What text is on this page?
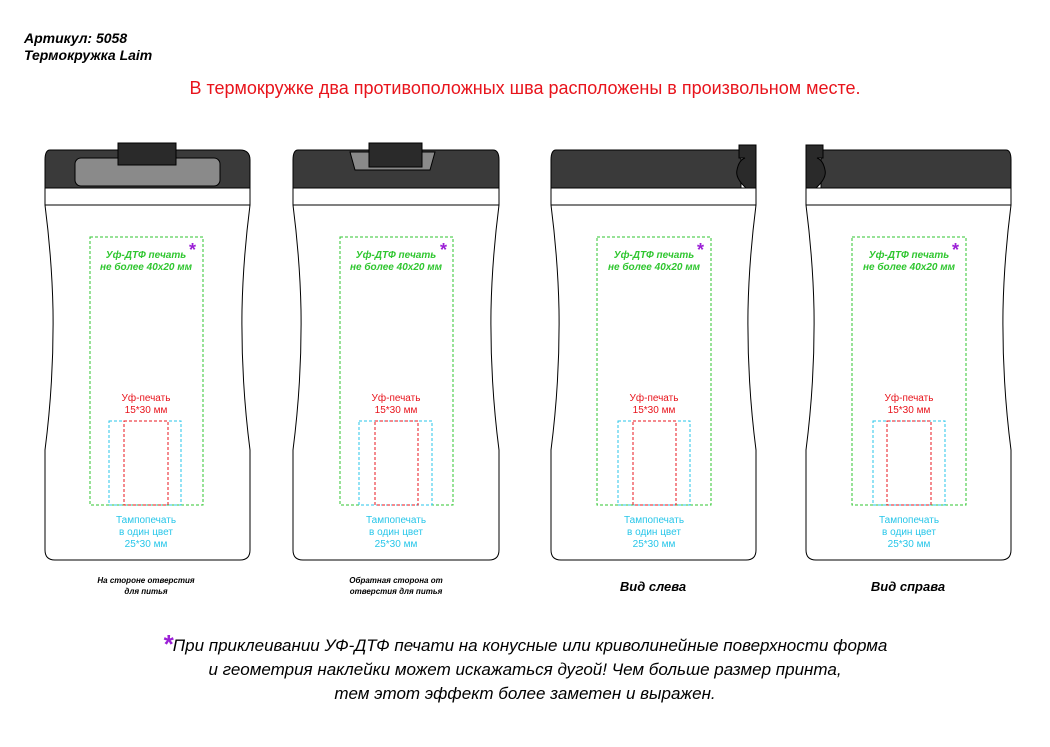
Артикул: 5058
Термокружка Laim
В термокружке два противоположных шва расположены в произвольном месте.
Уф-ДТФ печать
не более 40х20 мм
*
Уф-печать
15*30 мм
Тампопечать
в один цвет
25*30 мм
Уф-ДТФ печать
не более 40х20 мм
*
Уф-печать
15*30 мм
Тампопечать
в один цвет
25*30 мм
Уф-ДТФ печать
не более 40х20 мм
*
Уф-печать
15*30 мм
Тампопечать
в один цвет
25*30 мм
Уф-ДТФ печать
не более 40х20 мм
*
Уф-печать
15*30 мм
Тампопечать
в один цвет
25*30 мм
На стороне отверстия
для питья
Обратная сторона от
отверстия для питья	Вид слева	Вид справа
*При приклеивании УФ-ДТФ печати на конусные или криволинейные поверхности форма
и геометрия наклейки может искажаться дугой! Чем больше размер принта,
тем этот эффект более заметен и выражен.
